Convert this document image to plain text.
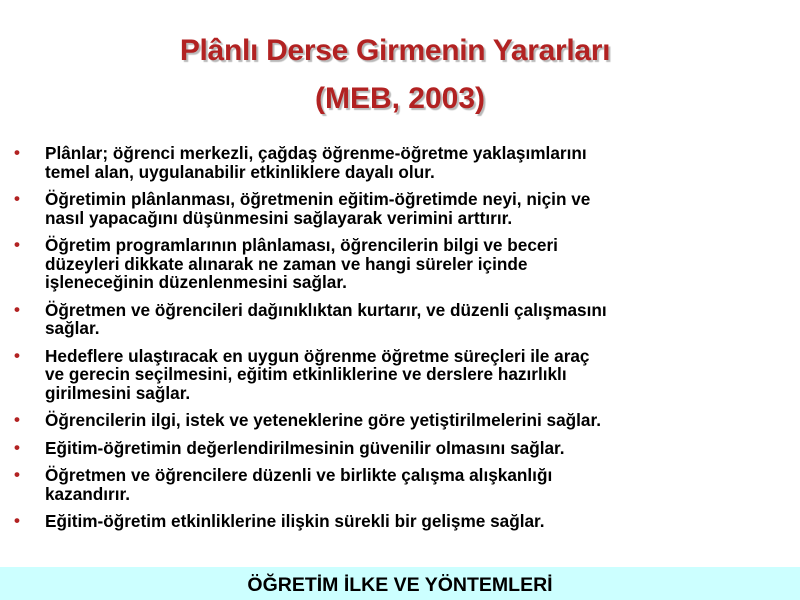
Plânlı Derse Girmenin Yararları
(MEB, 2003)
• Plânlar; öğrenci merkezli, çağdaş öğrenme-öğretme yaklaşımlarını
temel alan, uygulanabilir etkinliklere dayalı olur.
• Öğretimin plânlanması, öğretmenin eğitim-öğretimde neyi, niçin ve
nasıl yapacağını düşünmesini sağlayarak verimini arttırır.
• Öğretim programlarının plânlaması, öğrencilerin bilgi ve beceri
düzeyleri dikkate alınarak ne zaman ve hangi süreler içinde
işleneceğinin düzenlenmesini sağlar.
• Öğretmen ve öğrencileri dağınıklıktan kurtarır, ve düzenli çalışmasını
sağlar.
• Hedeflere ulaştıracak en uygun öğrenme öğretme süreçleri ile araç
ve gerecin seçilmesini, eğitim etkinliklerine ve derslere hazırlıklı
girilmesini sağlar.
• Öğrencilerin ilgi, istek ve yeteneklerine göre yetiştirilmelerini sağlar.
• Eğitim-öğretimin değerlendirilmesinin güvenilir olmasını sağlar.
• Öğretmen ve öğrencilere düzenli ve birlikte çalışma alışkanlığı
kazandırır.
• Eğitim-öğretim etkinliklerine ilişkin sürekli bir gelişme sağlar.
ÖĞRETİM İLKE VE YÖNTEMLERİ
